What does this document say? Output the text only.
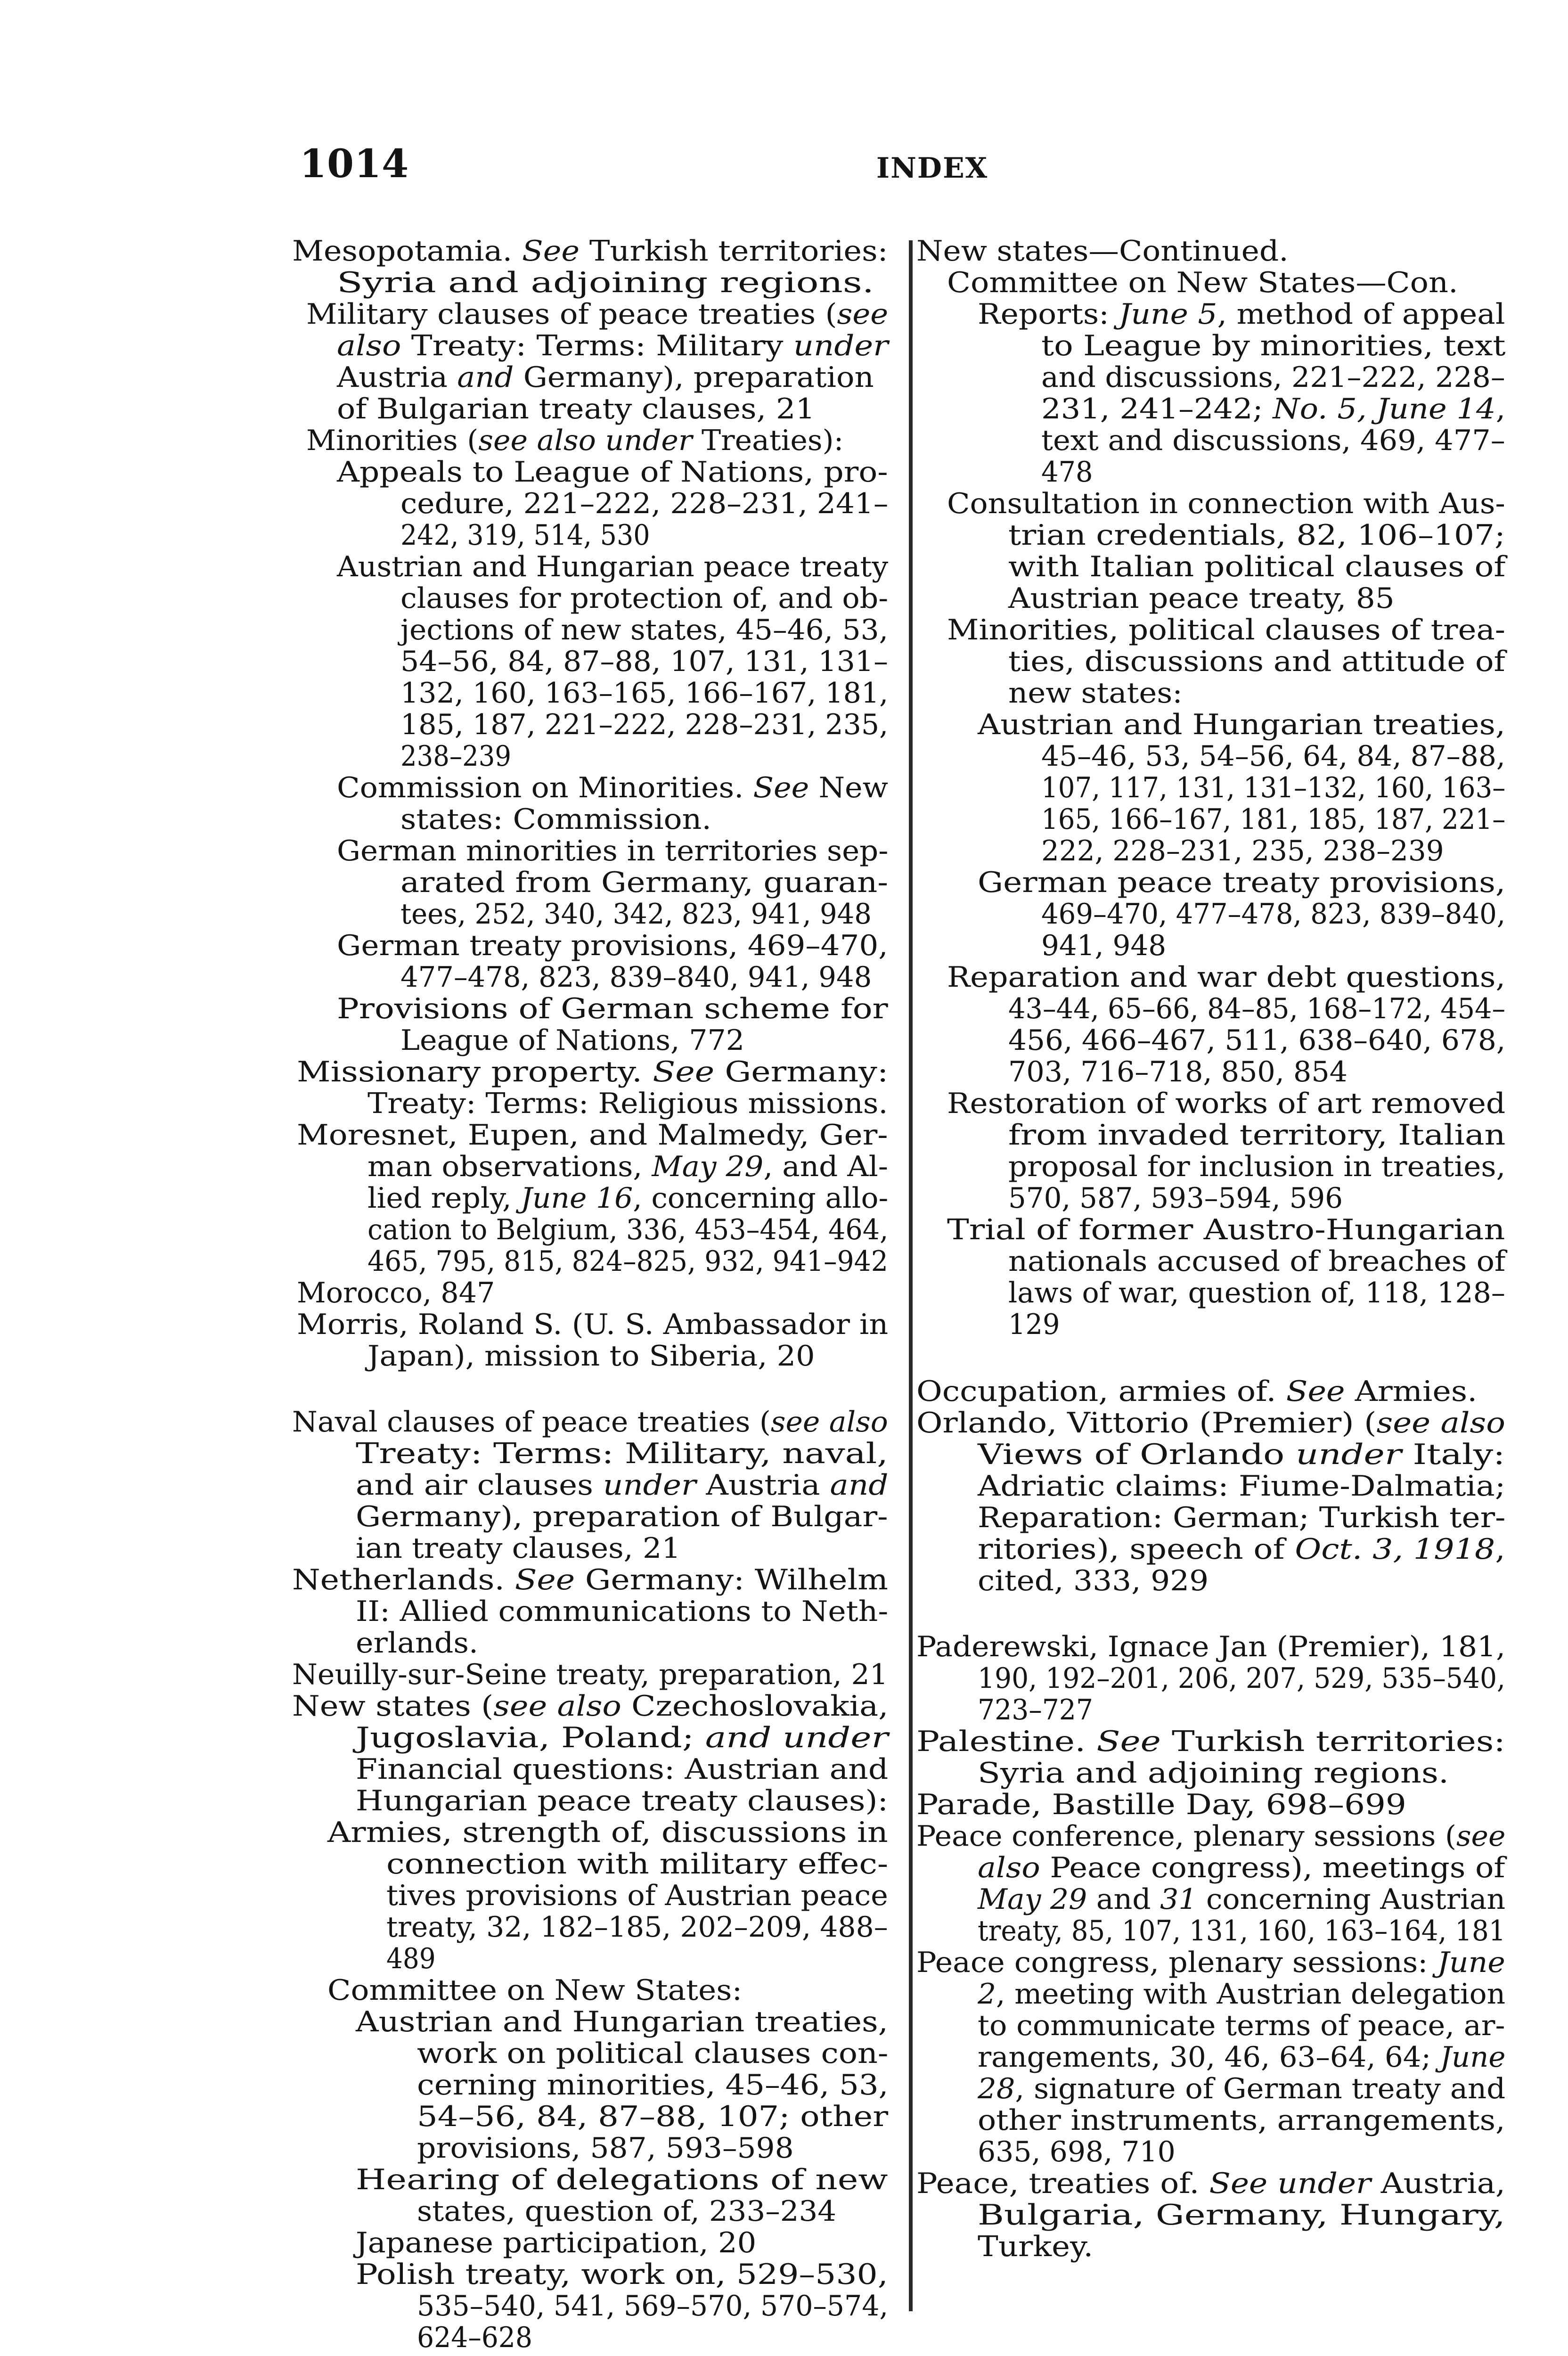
1014	INDEX
Mesopotamia. See Turkish territories:
Syria and adjoining regions.
Military clauses of peace treaties (see
also Treaty: Terms: Military under
Austria and Germany), preparation
of Bulgarian treaty clauses, 21
Minorities (see also under Treaties):
Appeals to League of Nations, pro-
cedure, 221–222, 228–231, 241–
242, 319, 514, 530
Austrian and Hungarian peace treaty
clauses for protection of, and ob-
jections of new states, 45–46, 53,
54–56, 84, 87–88, 107, 131, 131–
132, 160, 163–165, 166–167, 181,
185, 187, 221–222, 228–231, 235,
238–239
Commission on Minorities. See New
states: Commission.
German minorities in territories sep-
arated from Germany, guaran-
tees, 252, 340, 342, 823, 941, 948
German treaty provisions, 469–470,
477–478, 823, 839–840, 941, 948
Provisions of German scheme for
League of Nations, 772
Missionary property. See Germany:
Treaty: Terms: Religious missions.
Moresnet, Eupen, and Malmedy, Ger-
man observations, May 29, and Al-
lied reply, June 16, concerning allo-
cation to Belgium, 336, 453–454, 464,
465, 795, 815, 824–825, 932, 941–942
Morocco, 847
Morris, Roland S. (U. S. Ambassador in
Japan), mission to Siberia, 20
Naval clauses of peace treaties (see also
Treaty: Terms: Military, naval,
and air clauses under Austria and
Germany), preparation of Bulgar-
ian treaty clauses, 21
Netherlands. See Germany: Wilhelm
II: Allied communications to Neth-
erlands.
Neuilly-sur-Seine treaty, preparation, 21
New states (see also Czechoslovakia,
Jugoslavia, Poland; and under
Financial questions: Austrian and
Hungarian peace treaty clauses):
Armies, strength of, discussions in
connection with military effec-
tives provisions of Austrian peace
treaty, 32, 182–185, 202–209, 488–
489
Committee on New States:
Austrian and Hungarian treaties,
work on political clauses con-
cerning minorities, 45–46, 53,
54–56, 84, 87–88, 107; other
provisions, 587, 593–598
Hearing of delegations of new
states, question of, 233–234
Japanese participation, 20
Polish treaty, work on, 529–530,
535–540, 541, 569–570, 570–574,
624–628
New states—Continued.
Committee on New States—Con.
Reports: June 5, method of appeal
to League by minorities, text
and discussions, 221–222, 228–
231, 241–242; No. 5, June 14,
text and discussions, 469, 477–
478
Consultation in connection with Aus-
trian credentials, 82, 106–107;
with Italian political clauses of
Austrian peace treaty, 85
Minorities, political clauses of trea-
ties, discussions and attitude of
new states:
Austrian and Hungarian treaties,
45–46, 53, 54–56, 64, 84, 87–88,
107, 117, 131, 131–132, 160, 163–
165, 166–167, 181, 185, 187, 221–
222, 228–231, 235, 238–239
German peace treaty provisions,
469–470, 477–478, 823, 839–840,
941, 948
Reparation and war debt questions,
43–44, 65–66, 84–85, 168–172, 454–
456, 466–467, 511, 638–640, 678,
703, 716–718, 850, 854
Restoration of works of art removed
from invaded territory, Italian
proposal for inclusion in treaties,
570, 587, 593–594, 596
Trial of former Austro-Hungarian
nationals accused of breaches of
laws of war, question of, 118, 128–
129
Occupation, armies of. See Armies.
Orlando, Vittorio (Premier) (see also
Views of Orlando under Italy:
Adriatic claims: Fiume-Dalmatia;
Reparation: German; Turkish ter-
ritories), speech of Oct. 3, 1918,
cited, 333, 929
Paderewski, Ignace Jan (Premier), 181,
190, 192–201, 206, 207, 529, 535–540,
723–727
Palestine. See Turkish territories:
Syria and adjoining regions.
Parade, Bastille Day, 698–699
Peace conference, plenary sessions (see
also Peace congress), meetings of
May 29 and 31 concerning Austrian
treaty, 85, 107, 131, 160, 163–164, 181
Peace congress, plenary sessions: June
2, meeting with Austrian delegation
to communicate terms of peace, ar-
rangements, 30, 46, 63–64, 64; June
28, signature of German treaty and
other instruments, arrangements,
635, 698, 710
Peace, treaties of. See under Austria,
Bulgaria, Germany, Hungary,
Turkey.
